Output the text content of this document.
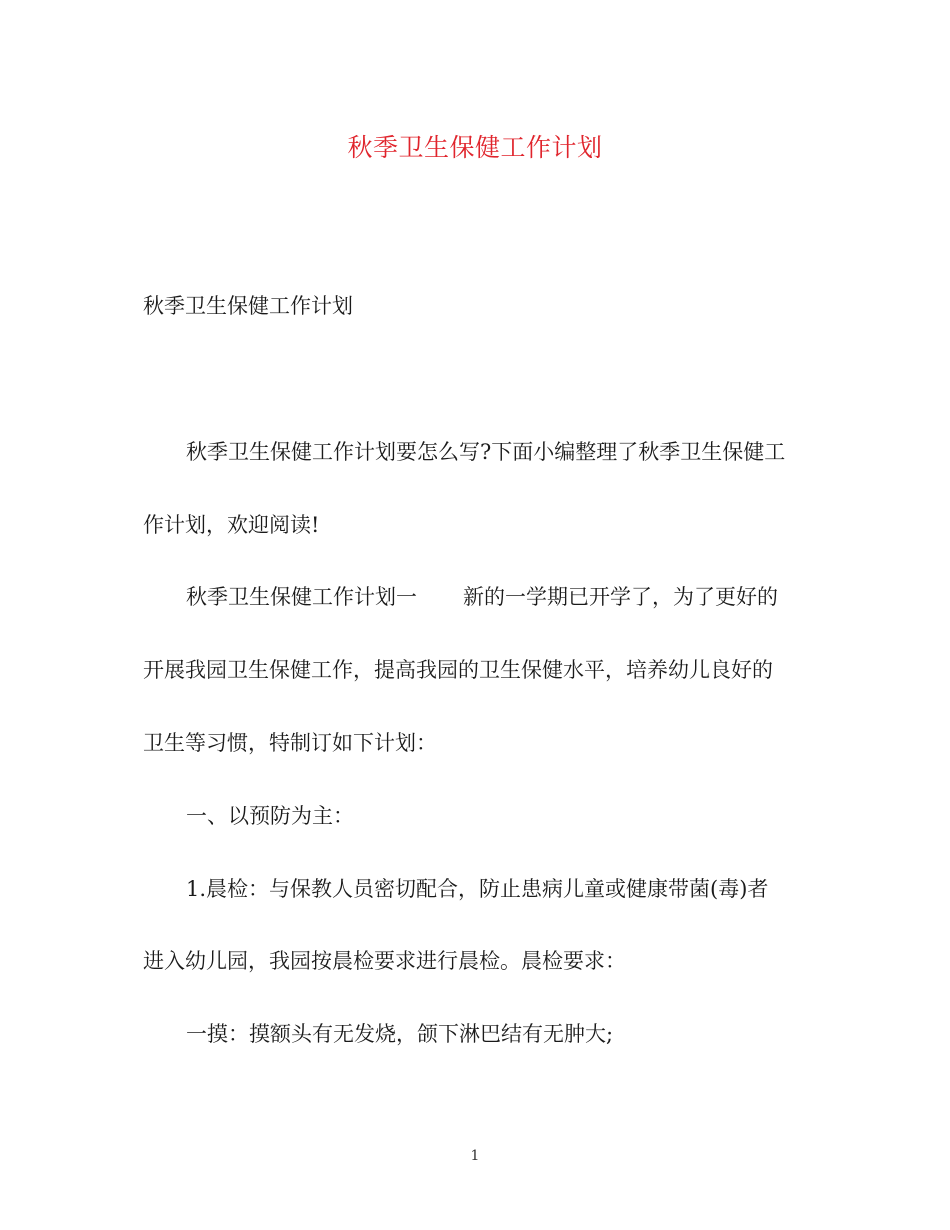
秋季卫生保健工作计划
秋季卫生保健工作计划
秋季卫生保健工作计划要怎么写?下面小编整理了秋季卫生保健工
作计划，欢迎阅读!
秋季卫生保健工作计划一 新的一学期已开学了，为了更好的
开展我园卫生保健工作，提高我园的卫生保健水平，培养幼儿良好的
卫生等习惯，特制订如下计划：
一、以预防为主：
1.晨检：与保教人员密切配合，防止患病儿童或健康带菌(毒)者
进入幼儿园，我园按晨检要求进行晨检。晨检要求：
一摸：摸额头有无发烧，颌下淋巴结有无肿大;
1
